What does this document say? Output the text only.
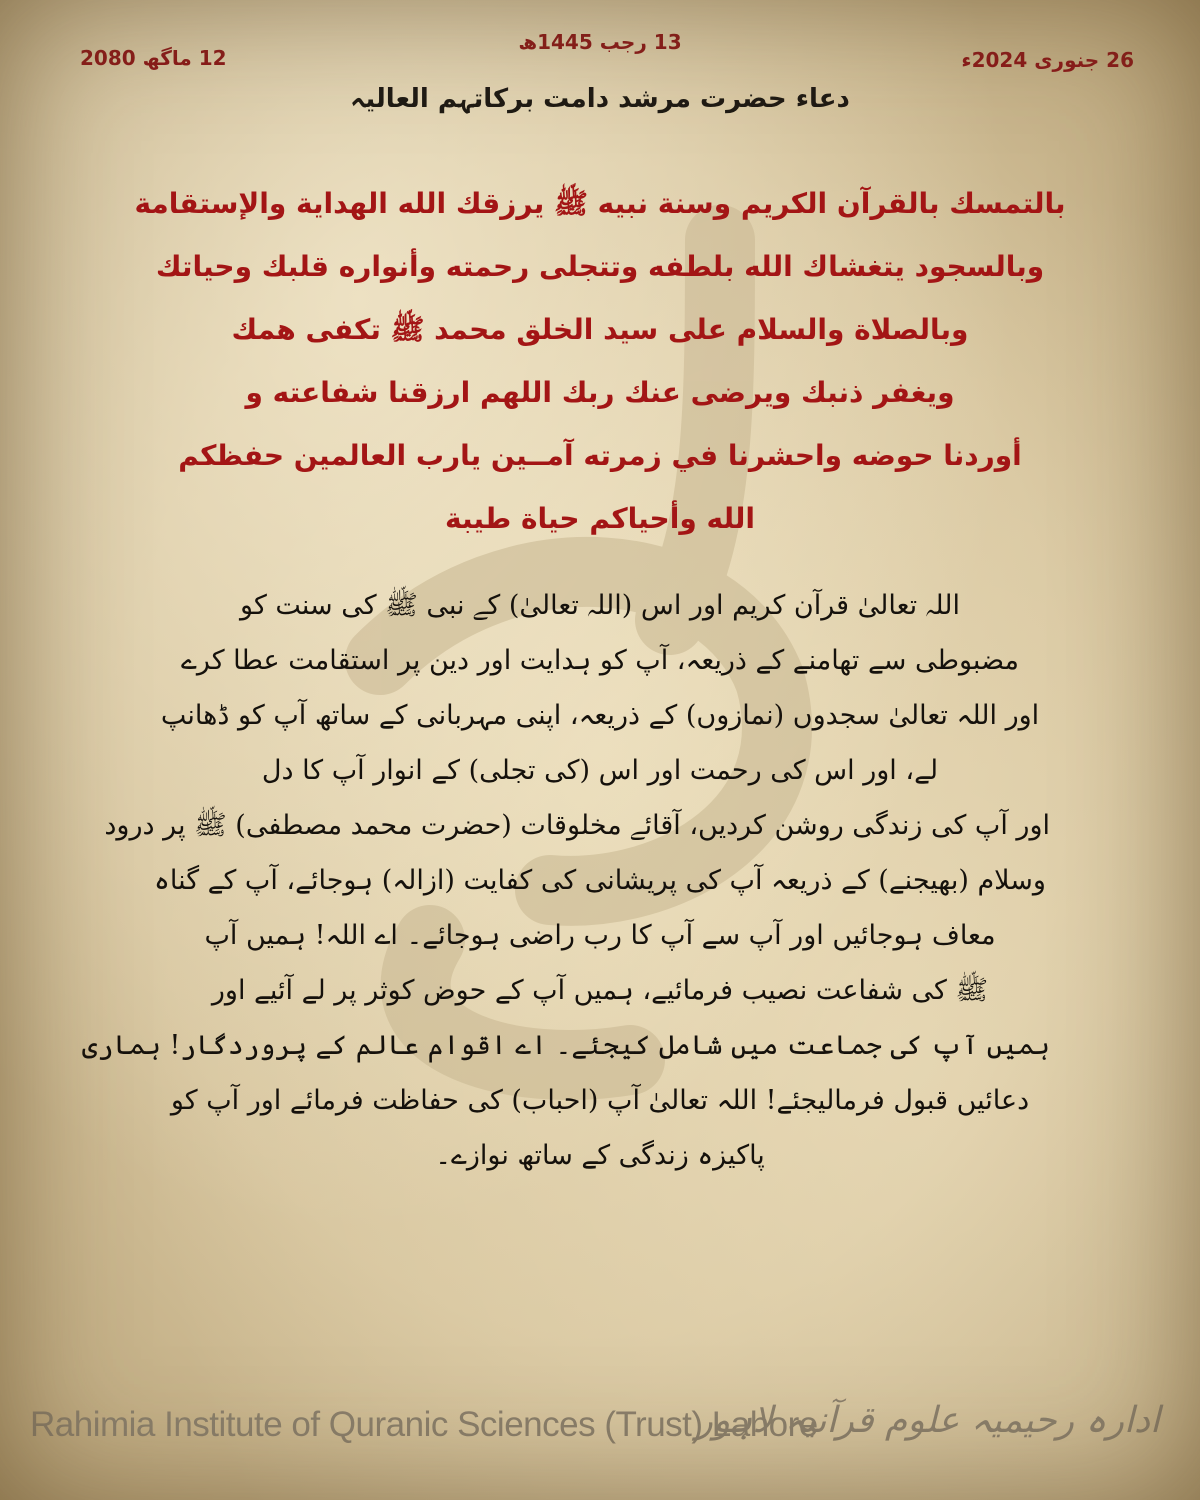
13 رجب 1445ھ
26 جنوری 2024ء
12 ماگھ 2080
دعاء حضرت مرشد دامت برکاتہم العالیہ
بالتمسك بالقرآن الكريم وسنة نبيه ﷺ يرزقك الله الهداية والإستقامة
وبالسجود يتغشاك الله بلطفه وتتجلى رحمته وأنواره قلبك وحياتك
وبالصلاة والسلام على سيد الخلق محمد ﷺ تكفى همك
ويغفر ذنبك ويرضى عنك ربك اللهم ارزقنا شفاعته و
أوردنا حوضه واحشرنا في زمرته آمــين يارب العالمين حفظكم
الله وأحياكم حياة طيبة
اللہ تعالیٰ قرآن کریم اور اس (اللہ تعالیٰ) کے نبی ﷺ کی سنت کو
مضبوطی سے تھامنے کے ذریعہ، آپ کو ہدایت اور دین پر استقامت عطا کرے
اور اللہ تعالیٰ سجدوں (نمازوں) کے ذریعہ، اپنی مہربانی کے ساتھ آپ کو ڈھانپ
لے، اور اس کی رحمت اور اس (کی تجلی) کے انوار آپ کا دل
اور آپ کی زندگی روشن کردیں، آقائے مخلوقات (حضرت محمد مصطفی) ﷺ پر درود
وسلام (بھیجنے) کے ذریعہ آپ کی پریشانی کی کفایت (ازالہ) ہوجائے، آپ کے گناہ
معاف ہوجائیں اور آپ سے آپ کا رب راضی ہوجائے۔ اے اللہ! ہمیں آپ
ﷺ کی شفاعت نصیب فرمائیے، ہمیں آپ کے حوض کوثر پر لے آئیے اور
ہمیں آپ کی جماعت میں شامل کیجئے۔ اے اقوام عالم کے پروردگار! ہماری
دعائیں قبول فرمالیجئے! اللہ تعالیٰ آپ (احباب) کی حفاظت فرمائے اور آپ کو
پاکیزہ زندگی کے ساتھ نوازے۔
Rahimia Institute of Quranic Sciences (Trust) Lahore
ادارہ رحیمیہ علوم قرآنیہ لاہور
